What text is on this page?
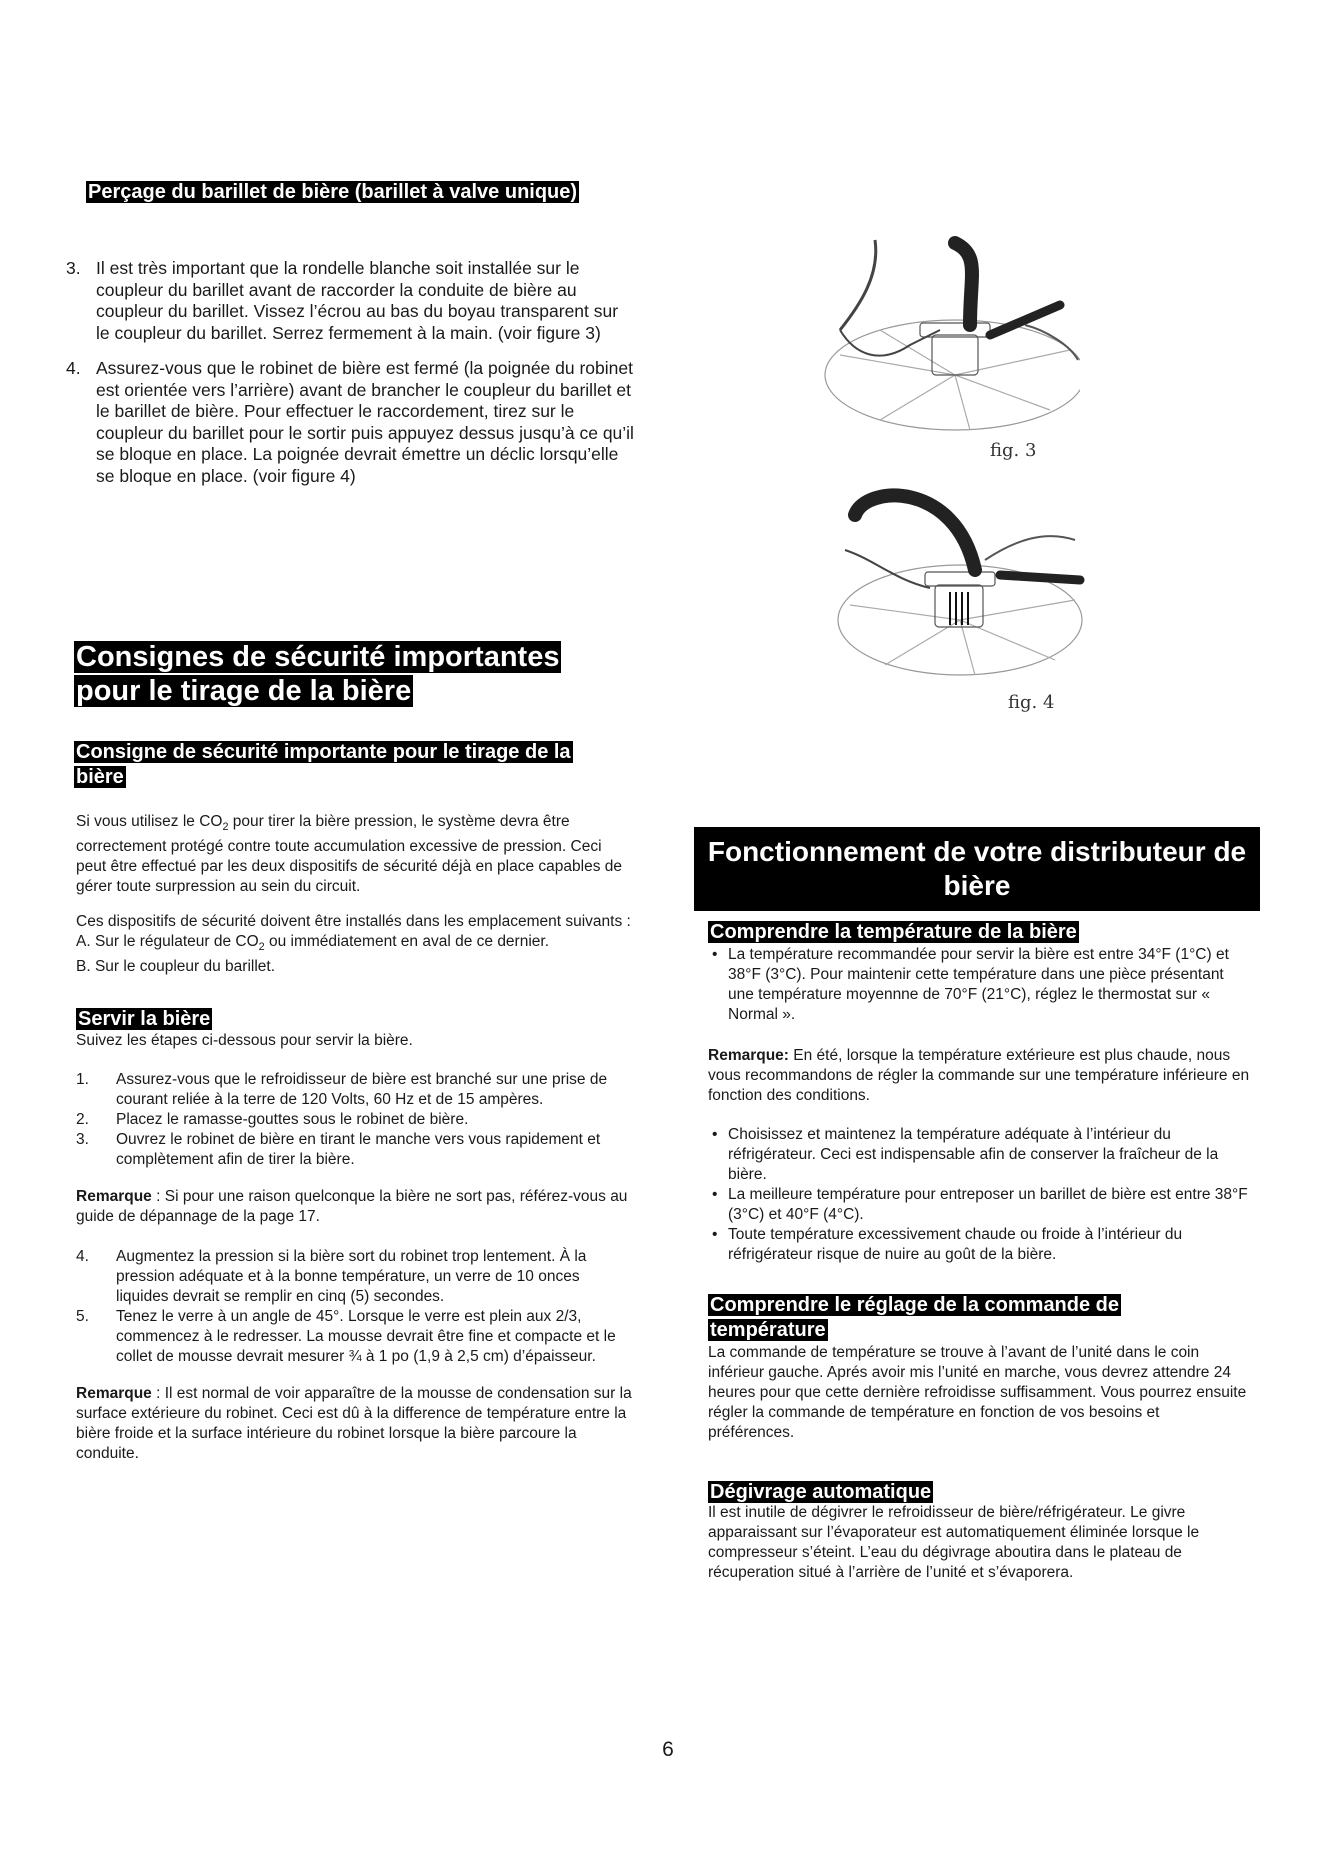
Perçage du barillet de bière (barillet à valve unique)
3. Il est très important que la rondelle blanche soit installée sur le coupleur du barillet avant de raccorder la conduite de bière au coupleur du barillet. Vissez l’écrou au bas du boyau transparent sur le coupleur du barillet. Serrez fermement à la main. (voir figure 3)
4. Assurez-vous que le robinet de bière est fermé (la poignée du robinet est orientée vers l’arrière) avant de brancher le coupleur du barillet et le barillet de bière. Pour effectuer le raccordement, tirez sur le coupleur du barillet pour le sortir puis appuyez dessus jusqu’à ce qu’il se bloque en place. La poignée devrait émettre un déclic lorsqu’elle se bloque en place. (voir figure 4)
fig. 3
fig. 4
Consignes de sécurité importantes pour le tirage de la bière
Consigne de sécurité importante pour le tirage de la bière

Si vous utilisez le $CO_2$ pour tirer la bière pression, le système devra être correctement protégé contre toute accumulation excessive de pression. Ceci peut être effectué par les deux dispositifs de sécurité déjà en place capables de gérer toute surpression au sein du circuit.

Ces dispositifs de sécurité doivent être installés dans les emplacement suivants :

A. Sur le régulateur de $CO_2$ ou immédiatement en aval de ce dernier.

B. Sur le coupleur du barillet.

Servir la bière

Suivez les étapes ci-dessous pour servir la bière.

1. Assurez-vous que le refroidisseur de bière est branché sur une prise de courant reliée à la terre de 120 Volts, 60 Hz et de 15 ampères.
2. Placez le ramasse-gouttes sous le robinet de bière.
3. Ouvrez le robinet de bière en tirant le manche vers vous rapidement et complètement afin de tirer la bière.

Remarque : Si pour une raison quelconque la bière ne sort pas, référez-vous au guide de dépannage de la page 17.

4. Augmentez la pression si la bière sort du robinet trop lentement. À la pression adéquate et à la bonne température, un verre de 10 onces liquides devrait se remplir en cinq (5) secondes.
5. Tenez le verre à un angle de 45°. Lorsque le verre est plein aux 2/3, commencez à le redresser. La mousse devrait être fine et compacte et le collet de mousse devrait mesurer ¾ à 1 po (1,9 à 2,5 cm) d’épaisseur.

Remarque : Il est normal de voir apparaître de la mousse de condensation sur la surface extérieure du robinet. Ceci est dû à la difference de température entre la bière froide et la surface intérieure du robinet lorsque la bière parcoure la conduite.

Fonctionnement de votre distributeur de bière
Comprendre la température de la bière
• La température recommandée pour servir la bière est entre 34°F (1°C) et 38°F (3°C). Pour maintenir cette température dans une pièce présentant une température moyennne de 70°F (21°C), réglez le thermostat sur « Normal ».

Remarque: En été, lorsque la température extérieure est plus chaude, nous vous recommandons de régler la commande sur une température inférieure en fonction des conditions.

• Choisissez et maintenez la température adéquate à l’intérieur du réfrigérateur. Ceci est indispensable afin de conserver la fraîcheur de la bière.
• La meilleure température pour entreposer un barillet de bière est entre 38°F (3°C) et 40°F (4°C).
• Toute température excessivement chaude ou froide à l’intérieur du réfrigérateur risque de nuire au goût de la bière.
Comprendre le réglage de la commande de température

La commande de température se trouve à l’avant de l’unité dans le coin inférieur gauche. Aprés avoir mis l’unité en marche, vous devrez attendre 24 heures pour que cette dernière refroidisse suffisamment. Vous pourrez ensuite régler la commande de température en fonction de vos besoins et

préférences.

Dégivrage automatique

Il est inutile de dégivrer le refroidisseur de bière/réfrigérateur. Le givre apparaissant sur l’évaporateur est automatiquement éliminée lorsque le compresseur s’éteint. L’eau du dégivrage aboutira dans le plateau de récuperation situé à l’arrière de l’unité et s’évaporera.

6
